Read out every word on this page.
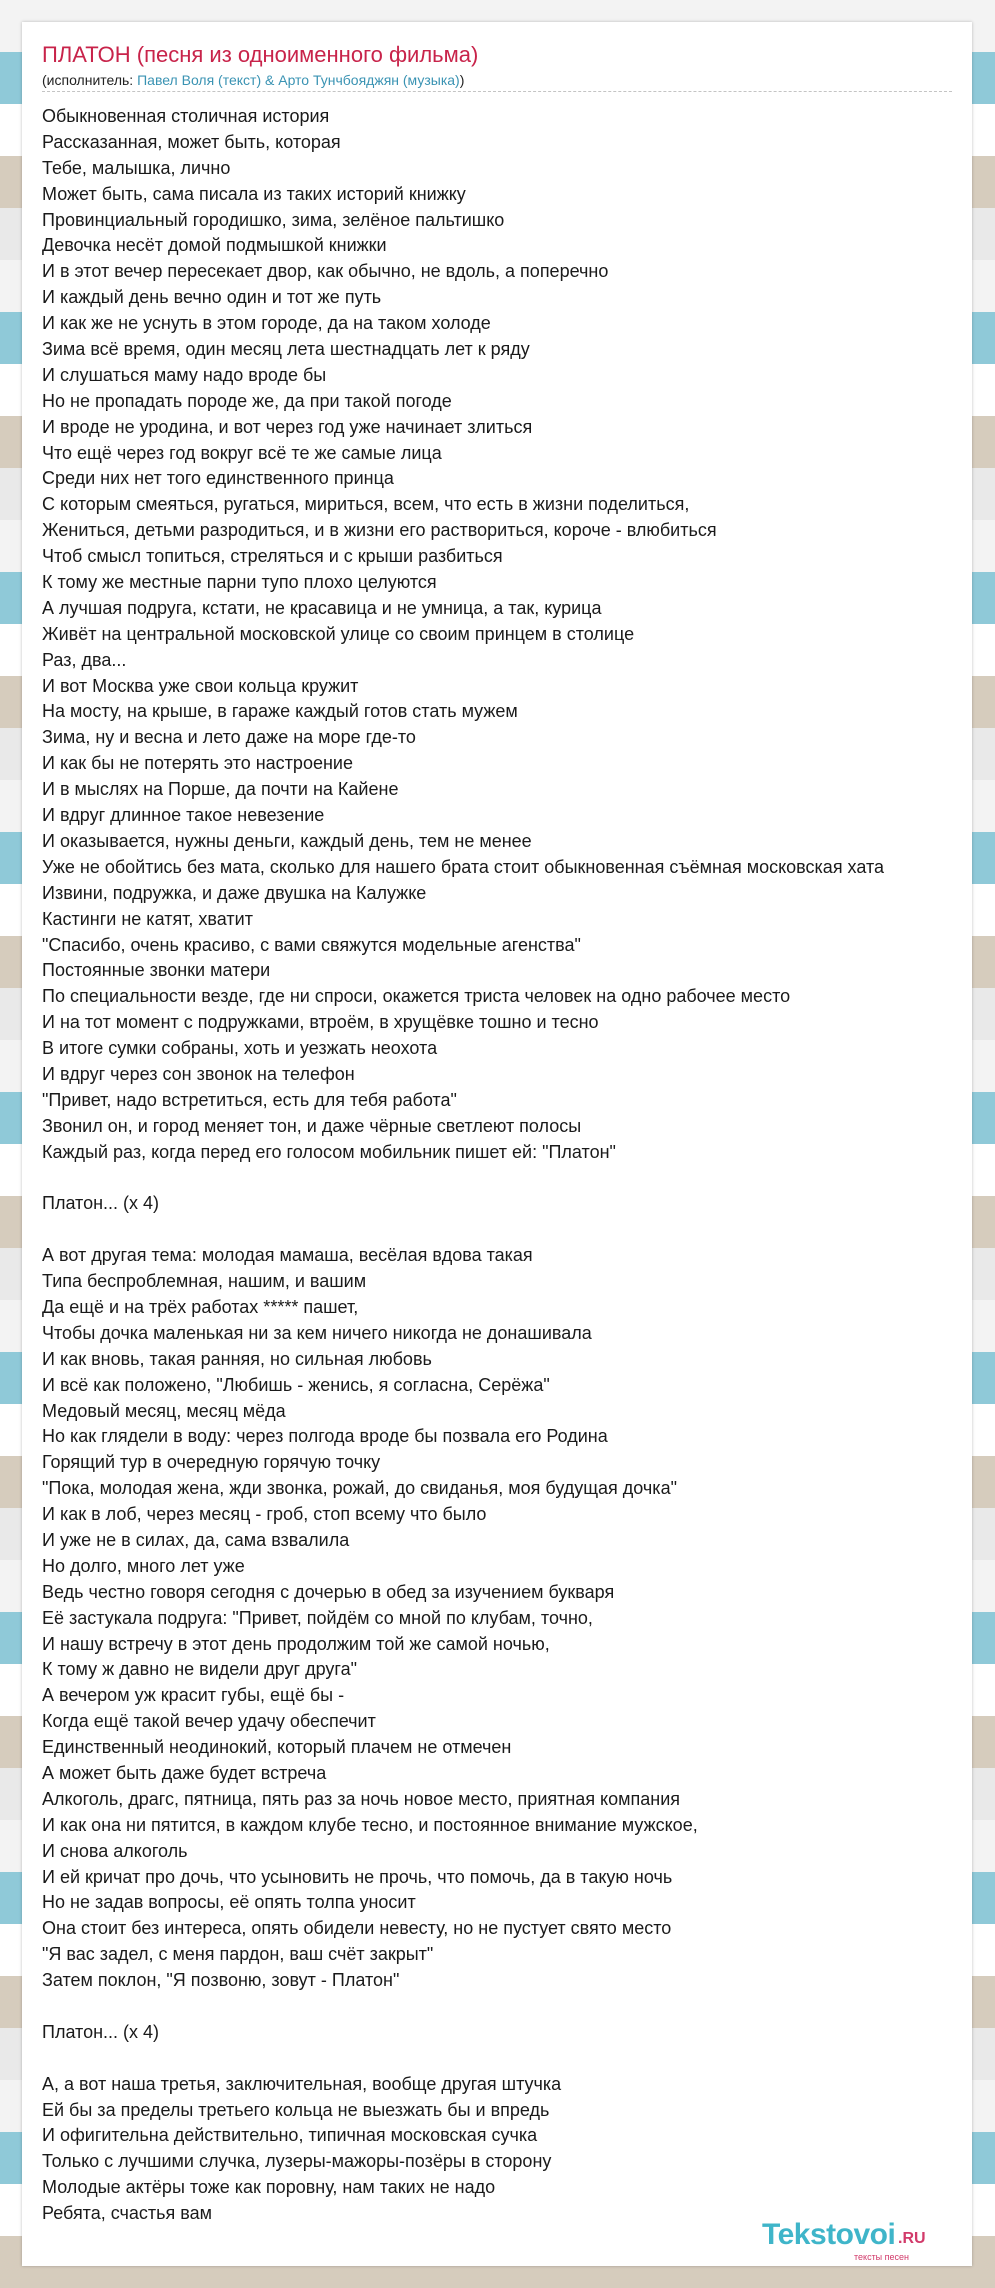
ПЛАТОН (песня из одноименного фильма)
(исполнитель: Павел Воля (текст) & Арто Тунчбояджян (музыка))
Обыкновенная столичная история
Рассказанная, может быть, которая
Тебе, малышка, лично
Может быть, сама писала из таких историй книжку
Провинциальный городишко, зима, зелёное пальтишко
Девочка несёт домой подмышкой книжки
И в этот вечер пересекает двор, как обычно, не вдоль, а поперечно
И каждый день вечно один и тот же путь
И как же не уснуть в этом городе, да на таком холоде
Зима всё время, один месяц лета шестнадцать лет к ряду
И слушаться маму надо вроде бы
Но не пропадать породе же, да при такой погоде
И вроде не уродина, и вот через год уже начинает злиться
Что ещё через год вокруг всё те же самые лица
Среди них нет того единственного принца
С которым смеяться, ругаться, мириться, всем, что есть в жизни поделиться,
Жениться, детьми разродиться, и в жизни его раствориться, короче - влюбиться
Чтоб смысл топиться, стреляться и с крыши разбиться
К тому же местные парни тупо плохо целуются
А лучшая подруга, кстати, не красавица и не умница, а так, курица
Живёт на центральной московской улице со своим принцем в столице
Раз, два...
И вот Москва уже свои кольца кружит
На мосту, на крыше, в гараже каждый готов стать мужем
Зима, ну и весна и лето даже на море где-то
И как бы не потерять это настроение
И в мыслях на Порше, да почти на Кайене
И вдруг длинное такое невезение
И оказывается, нужны деньги, каждый день, тем не менее
Уже не обойтись без мата, сколько для нашего брата стоит обыкновенная съёмная московская хата
Извини, подружка, и даже двушка на Калужке
Кастинги не катят, хватит
"Спасибо, очень красиво, с вами свяжутся модельные агенства"
Постоянные звонки матери
По специальности везде, где ни спроси, окажется триста человек на одно рабочее место
И на тот момент с подружками, втроём, в хрущёвке тошно и тесно
В итоге сумки собраны, хоть и уезжать неохота
И вдруг через сон звонок на телефон
"Привет, надо встретиться, есть для тебя работа"
Звонил он, и город меняет тон, и даже чёрные светлеют полосы
Каждый раз, когда перед его голосом мобильник пишет ей: "Платон"
Платон... (х 4)
А вот другая тема: молодая мамаша, весёлая вдова такая
Типа беспроблемная, нашим, и вашим
Да ещё и на трёх работах ***** пашет,
Чтобы дочка маленькая ни за кем ничего никогда не донашивала
И как вновь, такая ранняя, но сильная любовь
И всё как положено, "Любишь - женись, я согласна, Серёжа"
Медовый месяц, месяц мёда
Но как глядели в воду: через полгода вроде бы позвала его Родина
Горящий тур в очередную горячую точку
"Пока, молодая жена, жди звонка, рожай, до свиданья, моя будущая дочка"
И как в лоб, через месяц - гроб, стоп всему что было
И уже не в силах, да, сама взвалила
Но долго, много лет уже
Ведь честно говоря сегодня с дочерью в обед за изучением букваря
Её застукала подруга: "Привет, пойдём со мной по клубам, точно,
И нашу встречу в этот день продолжим той же самой ночью,
К тому ж давно не видели друг друга"
А вечером уж красит губы, ещё бы -
Когда ещё такой вечер удачу обеспечит
Единственный неодинокий, который плачем не отмечен
А может быть даже будет встреча
Алкоголь, драгс, пятница, пять раз за ночь новое место, приятная компания
И как она ни пятится, в каждом клубе тесно, и постоянное внимание мужское,
И снова алкоголь
И ей кричат про дочь, что усыновить не прочь, что помочь, да в такую ночь
Но не задав вопросы, её опять толпа уносит
Она стоит без интереса, опять обидели невесту, но не пустует свято место
"Я вас задел, с меня пардон, ваш счёт закрыт"
Затем поклон, "Я позвоню, зовут - Платон"
Платон... (х 4)
А, а вот наша третья, заключительная, вообще другая штучка
Ей бы за пределы третьего кольца не выезжать бы и впредь
И офигительна действительно, типичная московская сучка
Только с лучшими случка, лузеры-мажоры-позёры в сторону
Молодые актёры тоже как поровну, нам таких не надо
Ребята, счастья вам
Tekstovoi .RU
тексты песен
